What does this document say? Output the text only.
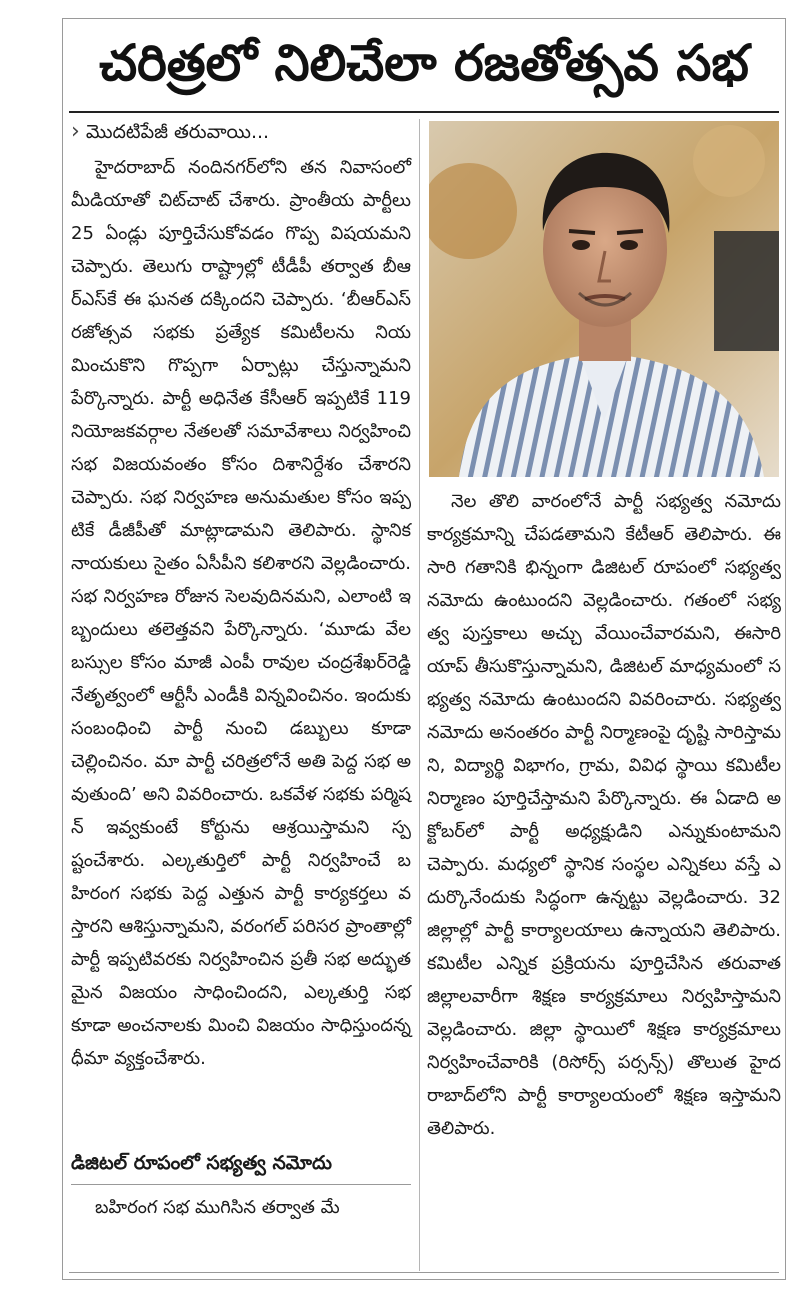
చరిత్రలో నిలిచేలా రజతోత్సవ సభ
› మొదటిపేజీ తరువాయి...

హైదరాబాద్ నందినగర్‌లోని తన నివాసంలో మీడియాతో చిట్‌చాట్ చేశారు. ప్రాంతీయ పార్టీలు 25 ఏండ్లు పూర్తిచేసుకోవడం గొప్ప విషయమని చెప్పారు. తెలుగు రాష్ట్రాల్లో టీడీపీ తర్వాత బీఆర్‌ఎస్‌కే ఈ ఘనత దక్కిందని చెప్పారు. ‘బీఆర్‌ఎస్ రజోత్సవ సభకు ప్రత్యేక కమిటీలను నియమించుకొని గొప్పగా ఏర్పాట్లు చేస్తున్నామని పేర్కొన్నారు. పార్టీ అధినేత కేసీఆర్ ఇప్పటికే 119 నియోజకవర్గాల నేతలతో సమావేశాలు నిర్వహించి సభ విజయవంతం కోసం దిశానిర్దేశం చేశారని చెప్పారు. సభ నిర్వహణ అనుమతుల కోసం ఇప్పటికే డీజీపీతో మాట్లాడామని తెలిపారు. స్థానిక నాయకులు సైతం ఏసీపీని కలిశారని వెల్లడించారు. సభ నిర్వహణ రోజున సెలవుదినమని, ఎలాంటి ఇబ్బందులు తలెత్తవని పేర్కొన్నారు. ‘మూడు వేల బస్సుల కోసం మాజీ ఎంపీ రావుల చంద్రశేఖర్‌రెడ్డి నేతృత్వంలో ఆర్టీసీ ఎండీకి విన్నవించినం. ఇందుకు సంబంధించి పార్టీ నుంచి డబ్బులు కూడా చెల్లించినం. మా పార్టీ చరిత్రలోనే అతి పెద్ద సభ అవుతుంది’ అని వివరించారు. ఒకవేళ సభకు పర్మిషన్ ఇవ్వకుంటే కోర్టును ఆశ్రయిస్తామని స్పష్టంచేశారు. ఎల్కతుర్తిలో పార్టీ నిర్వహించే బహిరంగ సభకు పెద్ద ఎత్తున పార్టీ కార్యకర్తలు వస్తారని ఆశిస్తున్నామని, వరంగల్ పరిసర ప్రాంతాల్లో పార్టీ ఇప్పటివరకు నిర్వహించిన ప్రతీ సభ అద్భుతమైన విజయం సాధించిందని, ఎల్కతుర్తి సభ కూడా అంచనాలకు మించి విజయం సాధిస్తుందన్న ధీమా వ్యక్తంచేశారు.

డిజిటల్ రూపంలో సభ్యత్వ నమోదు

బహిరంగ సభ ముగిసిన తర్వాత మే

నెల తొలి వారంలోనే పార్టీ సభ్యత్వ నమోదు కార్యక్రమాన్ని చేపడతామని కేటీఆర్ తెలిపారు. ఈసారి గతానికి భిన్నంగా డిజిటల్ రూపంలో సభ్యత్వ నమోదు ఉంటుందని వెల్లడించారు. గతంలో సభ్యత్వ పుస్తకాలు అచ్చు వేయించేవారమని, ఈసారి యాప్ తీసుకొస్తున్నామని, డిజిటల్ మాధ్యమంలో సభ్యత్వ నమోదు ఉంటుందని వివరించారు. సభ్యత్వ నమోదు అనంతరం పార్టీ నిర్మాణంపై దృష్టి సారిస్తామని, విద్యార్థి విభాగం, గ్రామ, వివిధ స్థాయి కమిటీల నిర్మాణం పూర్తిచేస్తామని పేర్కొన్నారు. ఈ ఏడాది అక్టోబర్‌లో పార్టీ అధ్యక్షుడిని ఎన్నుకుంటామని చెప్పారు. మధ్యలో స్థానిక సంస్థల ఎన్నికలు వస్తే ఎదుర్కొనేందుకు సిద్ధంగా ఉన్నట్టు వెల్లడించారు. 32 జిల్లాల్లో పార్టీ కార్యాలయాలు ఉన్నాయని తెలిపారు. కమిటీల ఎన్నిక ప్రక్రియను పూర్తిచేసిన తరువాత జిల్లాలవారీగా శిక్షణ కార్యక్రమాలు నిర్వహిస్తామని వెల్లడించారు. జిల్లా స్థాయిలో శిక్షణ కార్యక్రమాలు నిర్వహించేవారికి (రిసోర్స్ పర్సన్స్) తొలుత హైదరాబాద్‌లోని పార్టీ కార్యాలయంలో శిక్షణ ఇస్తామని తెలిపారు.
